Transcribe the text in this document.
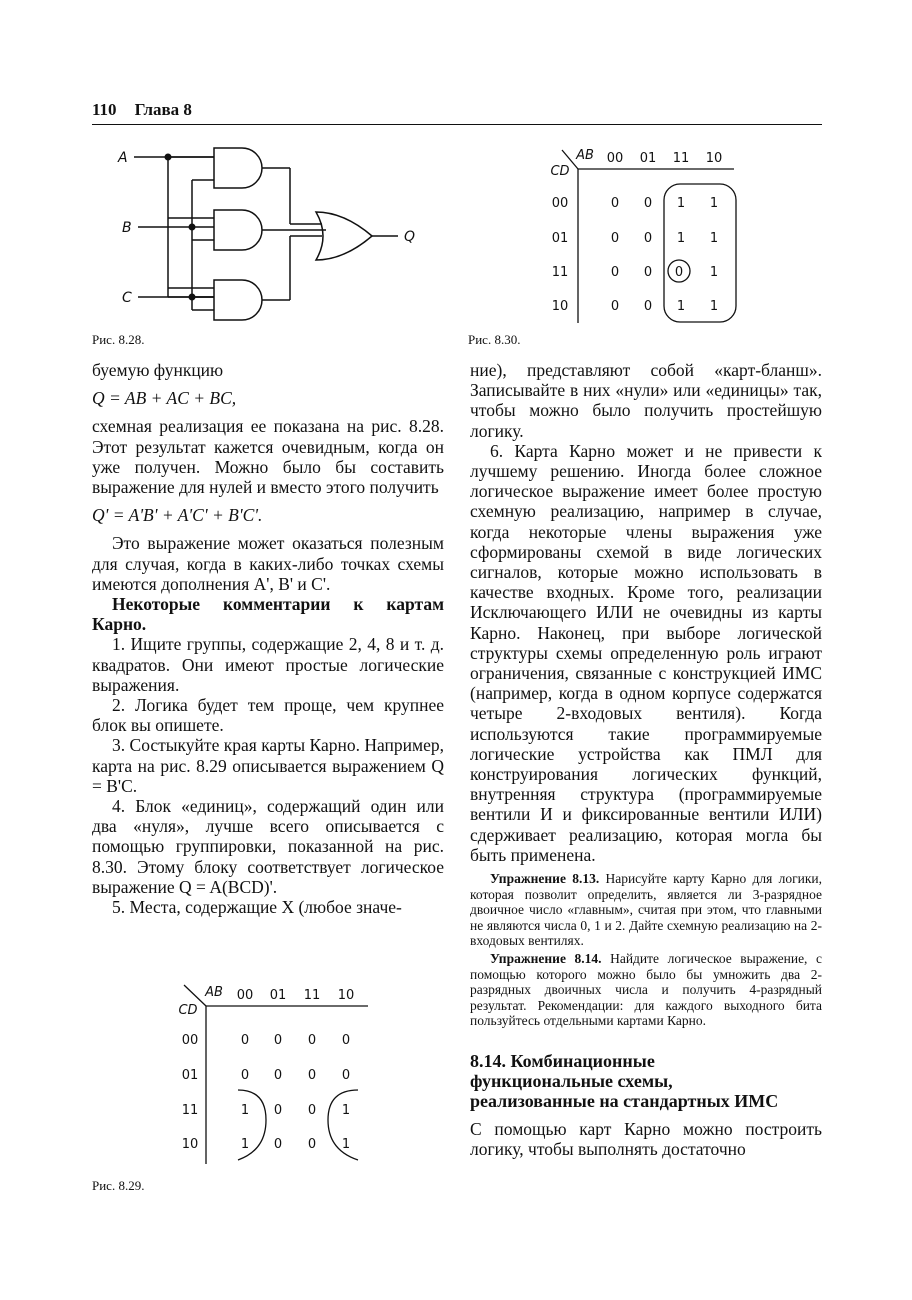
110 Глава 8
A
B
C
Q
Рис. 8.28.
AB
CD
00 01 11 10
00
01
11
10
0 0 1 1
0 0 1 1
0 0 0 1
0 0 1 1
Рис. 8.30.

буемую функцию

Q = AB + AC + BC,

схемная реализация ее показана на рис. 8.28. Этот результат кажется очевидным, когда он уже получен. Можно было бы составить выражение для нулей и вместо этого получить

Q' = A'B' + A'C' + B'C'.

Это выражение может оказаться полезным для случая, когда в каких-либо точках схемы имеются дополнения A', B' и C'.

Некоторые комментарии к картам Карно.

1. Ищите группы, содержащие 2, 4, 8 и т. д. квадратов. Они имеют простые логические выражения.

2. Логика будет тем проще, чем крупнее блок вы опишете.

3. Состыкуйте края карты Карно. Например, карта на рис. 8.29 описывается выражением Q = B'C.

4. Блок «единиц», содержащий один или два «нуля», лучше всего описывается с помощью группировки, показанной на рис. 8.30. Этому блоку соответствует логическое выражение Q = A(BCD)'.

5. Места, содержащие X (любое значе-

AB
CD
00 01 11 10
00
01
11
10
0 0 0 0
0 0 0 0
1 0 0 1
1 0 0 1
Рис. 8.29.

ние), представляют собой «карт-бланш». Записывайте в них «нули» или «единицы» так, чтобы можно было получить простейшую логику.

6. Карта Карно может и не привести к лучшему решению. Иногда более сложное логическое выражение имеет более простую схемную реализацию, например в случае, когда некоторые члены выражения уже сформированы схемой в виде логических сигналов, которые можно использовать в качестве входных. Кроме того, реализации Исключающего ИЛИ не очевидны из карты Карно. Наконец, при выборе логической структуры схемы определенную роль играют ограничения, связанные с конструкцией ИМС (например, когда в одном корпусе содержатся четыре 2-входовых вентиля). Когда используются такие программируемые логические устройства как ПМЛ для конструирования логических функций, внутренняя структура (программируемые вентили И и фиксированные вентили ИЛИ) сдерживает реализацию, которая могла бы быть применена.

Упражнение 8.13. Нарисуйте карту Карно для логики, которая позволит определить, является ли 3-разрядное двоичное число «главным», считая при этом, что главными не являются числа 0, 1 и 2. Дайте схемную реализацию на 2-входовых вентилях.

Упражнение 8.14. Найдите логическое выражение, с помощью которого можно было бы умножить два 2-разрядных двоичных числа и получить 4-разрядный результат. Рекомендации: для каждого выходного бита пользуйтесь отдельными картами Карно.

8.14. Комбинационные
функциональные схемы,
реализованные на стандартных ИМС

С помощью карт Карно можно построить логику, чтобы выполнять достаточно
